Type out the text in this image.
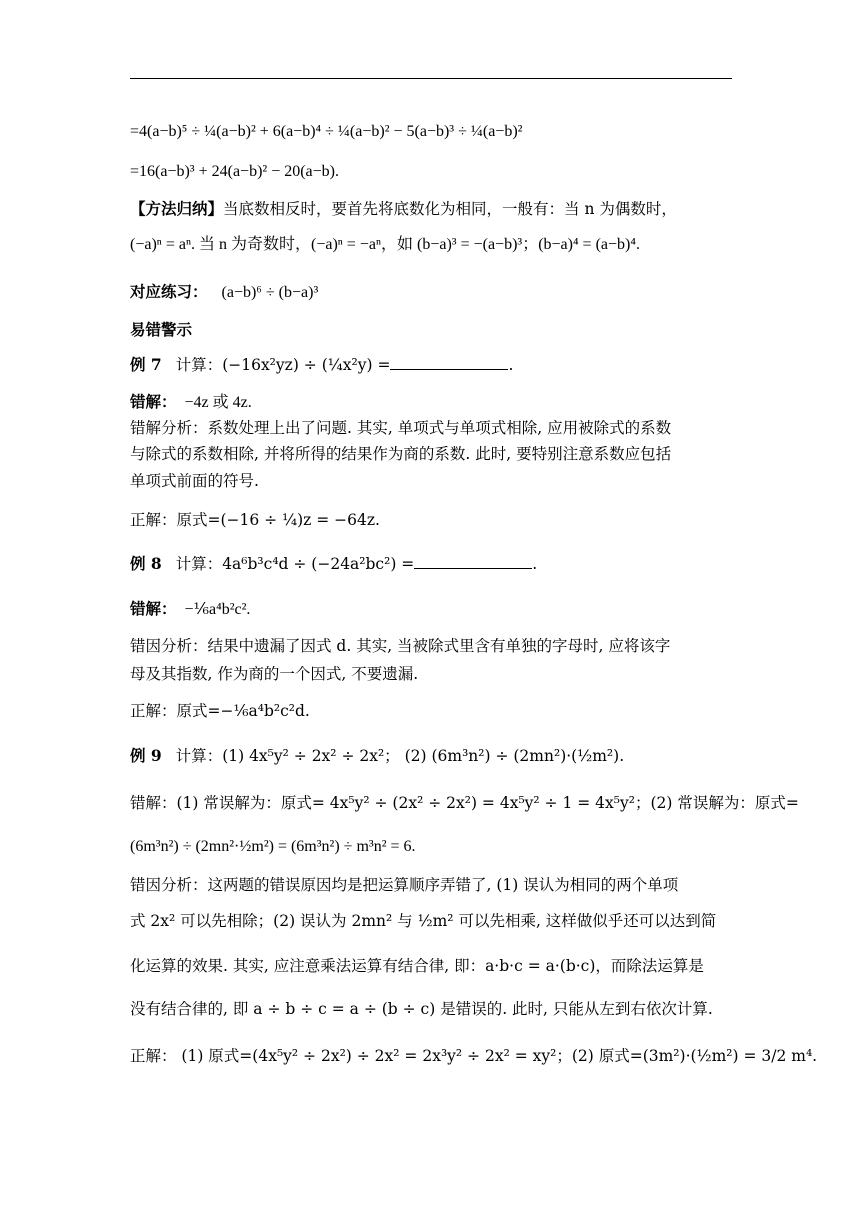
=4(a−b)⁵ ÷ ¼(a−b)² + 6(a−b)⁴ ÷ ¼(a−b)² − 5(a−b)³ ÷ ¼(a−b)²
=16(a−b)³ + 24(a−b)² − 20(a−b).
【方法归纳】当底数相反时，要首先将底数化为相同，一般有：当 n 为偶数时，
(−a)ⁿ = aⁿ. 当 n 为奇数时，(−a)ⁿ = −aⁿ，如 (b−a)³ = −(a−b)³；(b−a)⁴ = (a−b)⁴.
对应练习： (a−b)⁶ ÷ (b−a)³
易错警示
例 7 计算：(−16x²yz) ÷ (¼x²y) =	.
错解： −4z 或 4z.
错解分析：系数处理上出了问题. 其实, 单项式与单项式相除, 应用被除式的系数
与除式的系数相除, 并将所得的结果作为商的系数. 此时, 要特别注意系数应包括
单项式前面的符号.
正解：原式=(−16 ÷ ¼)z = −64z.
例 8 计算：4a⁶b³c⁴d ÷ (−24a²bc²) =	.
错解： −⅙a⁴b²c².
错因分析：结果中遗漏了因式 d. 其实, 当被除式里含有单独的字母时, 应将该字
母及其指数, 作为商的一个因式, 不要遗漏.
正解：原式=−⅙a⁴b²c²d.
例 9 计算：(1) 4x⁵y² ÷ 2x² ÷ 2x²； (2) (6m³n²) ÷ (2mn²)·(½m²).
错解：(1) 常误解为：原式= 4x⁵y² ÷ (2x² ÷ 2x²) = 4x⁵y² ÷ 1 = 4x⁵y²；(2) 常误解为：原式=
(6m³n²) ÷ (2mn²·½m²) = (6m³n²) ÷ m³n² = 6.
错因分析：这两题的错误原因均是把运算顺序弄错了, (1) 误认为相同的两个单项
式 2x² 可以先相除；(2) 误认为 2mn² 与 ½m² 可以先相乘, 这样做似乎还可以达到简
化运算的效果. 其实, 应注意乘法运算有结合律, 即：a·b·c = a·(b·c)，而除法运算是
没有结合律的, 即 a ÷ b ÷ c = a ÷ (b ÷ c) 是错误的. 此时, 只能从左到右依次计算.
正解： (1) 原式=(4x⁵y² ÷ 2x²) ÷ 2x² = 2x³y² ÷ 2x² = xy²；(2) 原式=(3m²)·(½m²) = 3/2 m⁴.
